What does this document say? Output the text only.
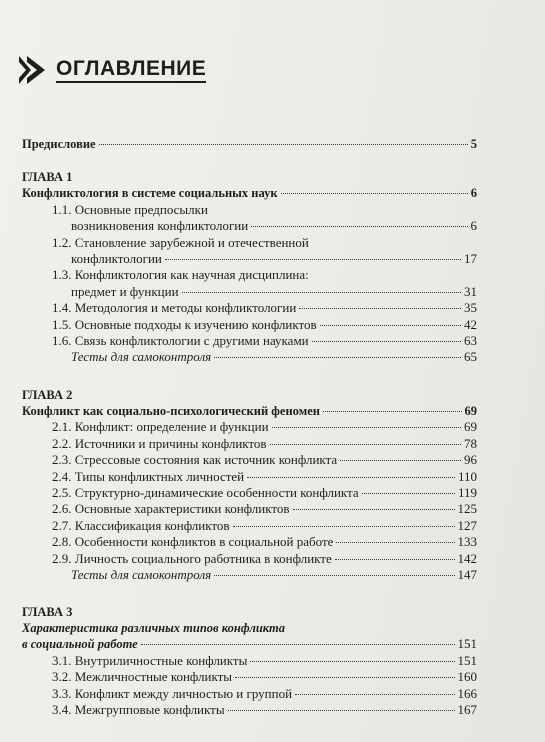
ОГЛАВЛЕНИЕ
Предисловие	5
ГЛАВА 1
Конфликтология в системе социальных наук	6
1.1. Основные предпосылки
возникновения конфликтологии	6
1.2. Становление зарубежной и отечественной
конфликтологии	17
1.3. Конфликтология как научная дисциплина:
предмет и функции	31
1.4. Методология и методы конфликтологии	35
1.5. Основные подходы к изучению конфликтов	42
1.6. Связь конфликтологии с другими науками	63
Тесты для самоконтроля	65
ГЛАВА 2
Конфликт как социально-психологический феномен	69
2.1. Конфликт: определение и функции	69
2.2. Источники и причины конфликтов	78
2.3. Стрессовые состояния как источник конфликта	96
2.4. Типы конфликтных личностей	110
2.5. Структурно-динамические особенности конфликта	119
2.6. Основные характеристики конфликтов	125
2.7. Классификация конфликтов	127
2.8. Особенности конфликтов в социальной работе	133
2.9. Личность социального работника в конфликте	142
Тесты для самоконтроля	147
ГЛАВА 3
Характеристика различных типов конфликта
в социальной работе	151
3.1. Внутриличностные конфликты	151
3.2. Межличностные конфликты	160
3.3. Конфликт между личностью и группой	166
3.4. Межгрупповые конфликты	167
